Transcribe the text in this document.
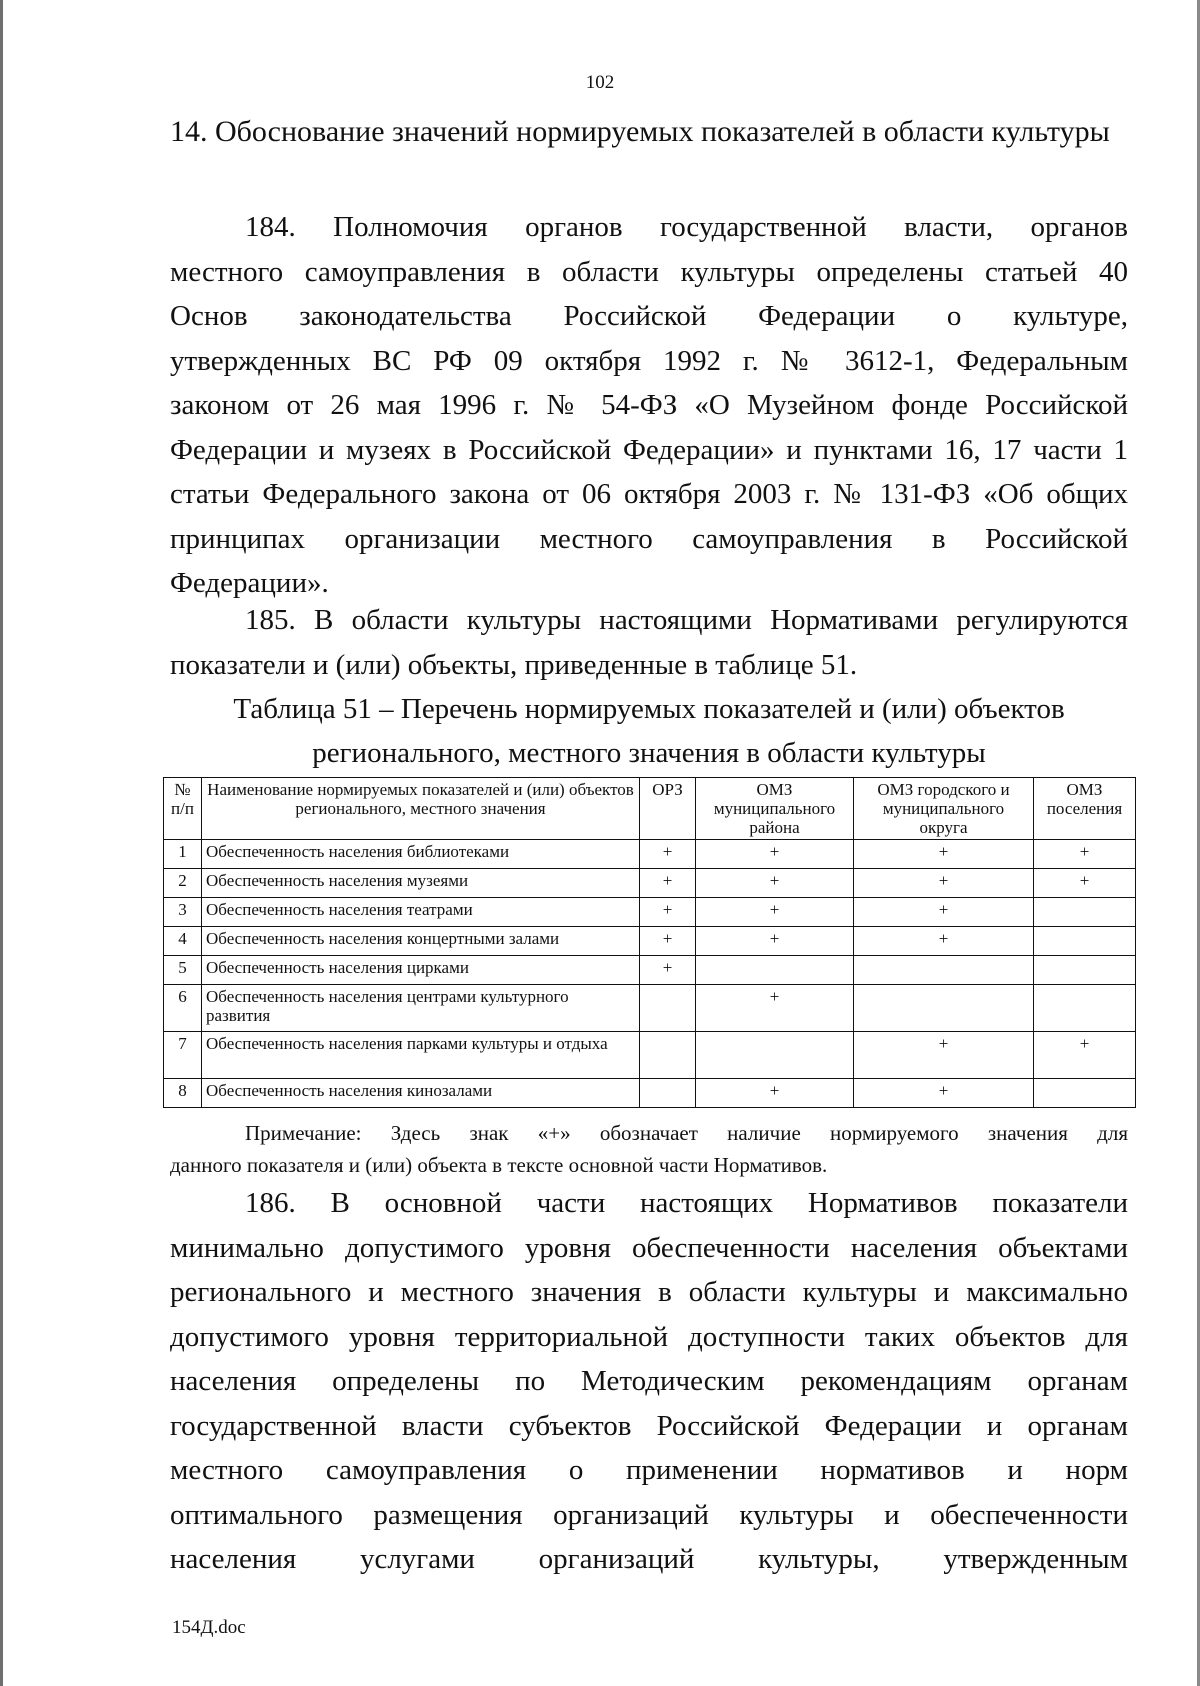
102
14. Обоснование значений нормируемых показателей в области культуры
184. Полномочия органов государственной власти, органов
местного самоуправления в области культуры определены статьей 40
Основ законодательства Российской Федерации о культуре,
утвержденных ВС РФ 09 октября 1992 г. № 3612-1, Федеральным
законом от 26 мая 1996 г. № 54-ФЗ «О Музейном фонде Российской
Федерации и музеях в Российской Федерации» и пунктами 16, 17 части 1
статьи Федерального закона от 06 октября 2003 г. № 131-ФЗ «Об общих
принципах организации местного самоуправления в Российской
Федерации».
185. В области культуры настоящими Нормативами регулируются
показатели и (или) объекты, приведенные в таблице 51.
Таблица 51 – Перечень нормируемых показателей и (или) объектов
регионального, местного значения в области культуры
№ п/п	Наименование нормируемых показателей и (или) объектов регионального, местного значения	ОРЗ	ОМЗ муниципального района	ОМЗ городского и муниципального округа	ОМЗ поселения
1	Обеспеченность населения библиотеками	+	+	+	+
2	Обеспеченность населения музеями	+	+	+	+
3	Обеспеченность населения театрами	+	+	+	
4	Обеспеченность населения концертными залами	+	+	+	
5	Обеспеченность населения цирками	+			
6	Обеспеченность населения центрами культурного развития		+		
7	Обеспеченность населения парками культуры и отдыха			+	+
8	Обеспеченность населения кинозалами		+	+	
Примечание: Здесь знак «+» обозначает наличие нормируемого значения для
данного показателя и (или) объекта в тексте основной части Нормативов.
186. В основной части настоящих Нормативов показатели
минимально допустимого уровня обеспеченности населения объектами
регионального и местного значения в области культуры и максимально
допустимого уровня территориальной доступности таких объектов для
населения определены по Методическим рекомендациям органам
государственной власти субъектов Российской Федерации и органам
местного самоуправления о применении нормативов и норм
оптимального размещения организаций культуры и обеспеченности
населения услугами организаций культуры, утвержденным
154Д.doc
